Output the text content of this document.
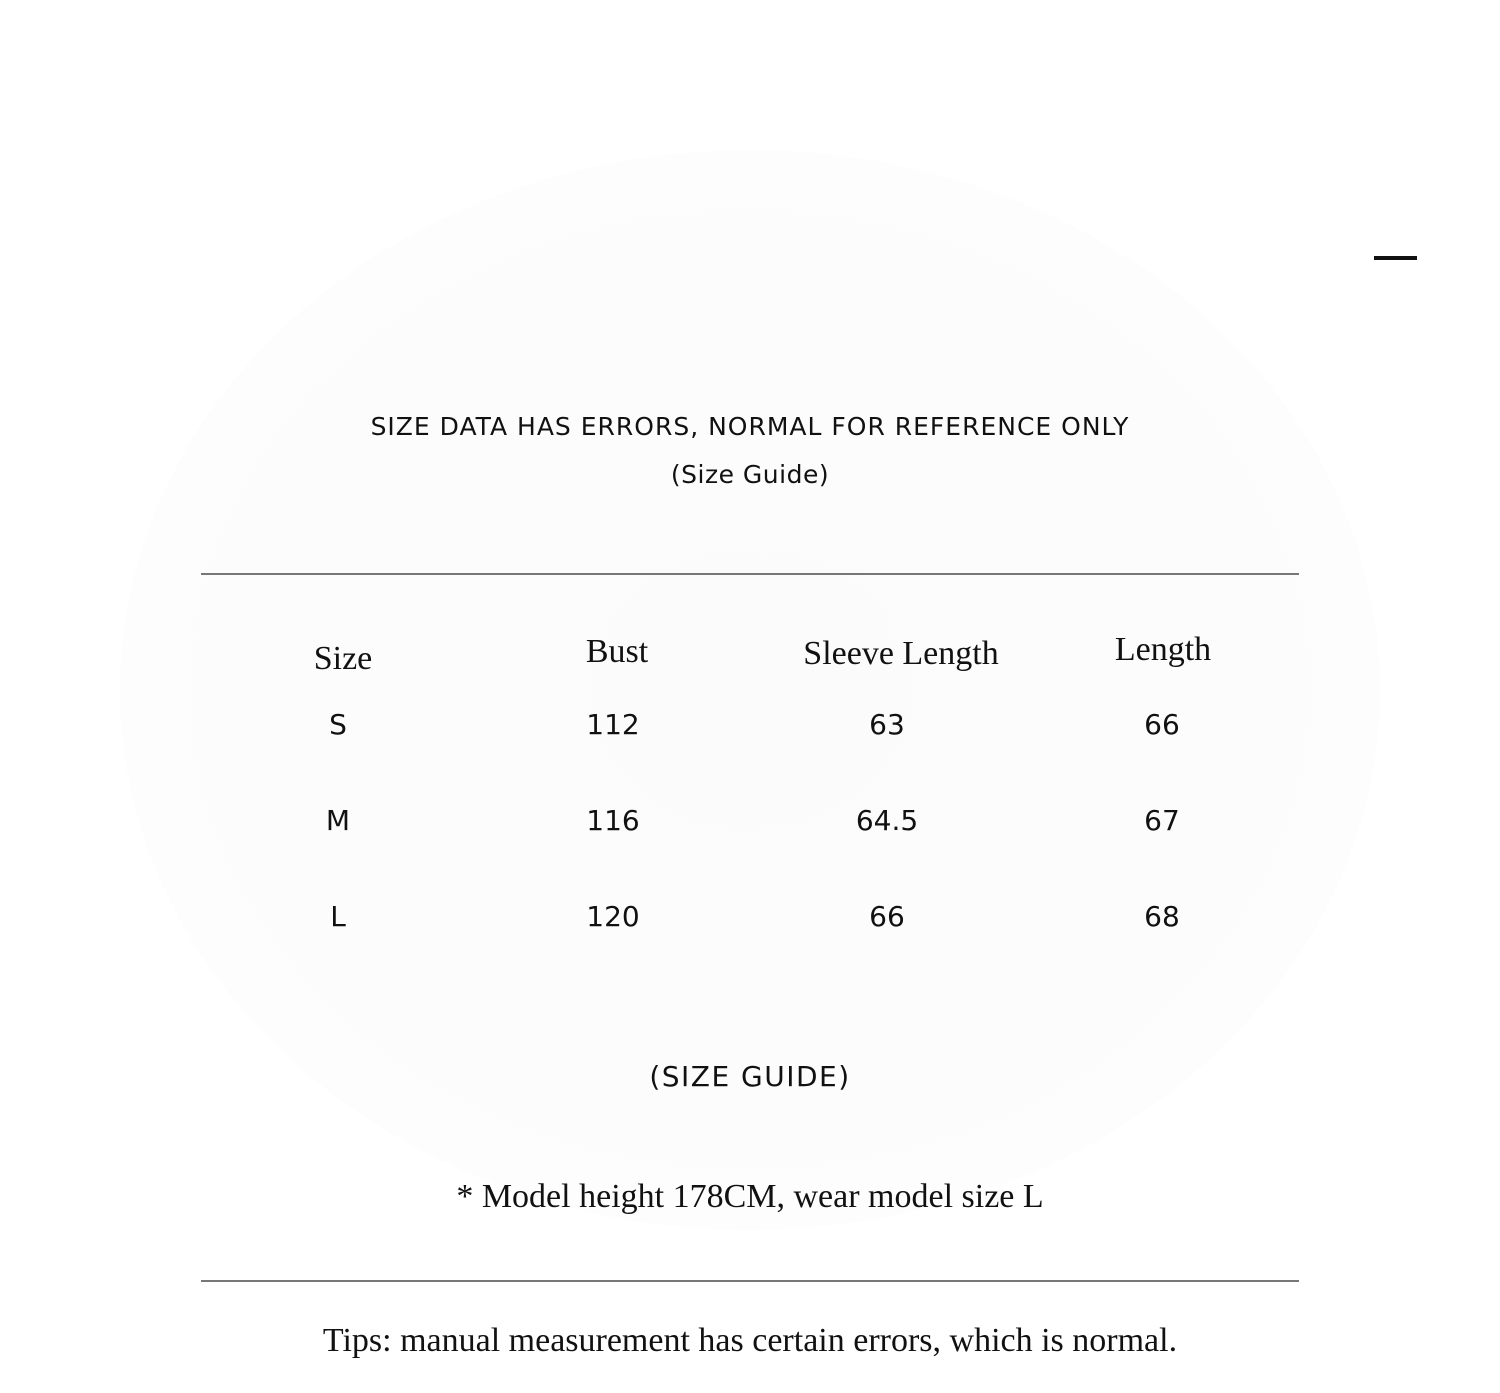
SIZE DATA HAS ERRORS, NORMAL FOR REFERENCE ONLY
(Size Guide)
Size	Bust	Sleeve Length	Length
S	112	63	66
M	116	64.5	67
L	120	66	68
(SIZE GUIDE)
* Model height 178CM, wear model size L
Tips: manual measurement has certain errors, which is normal.
